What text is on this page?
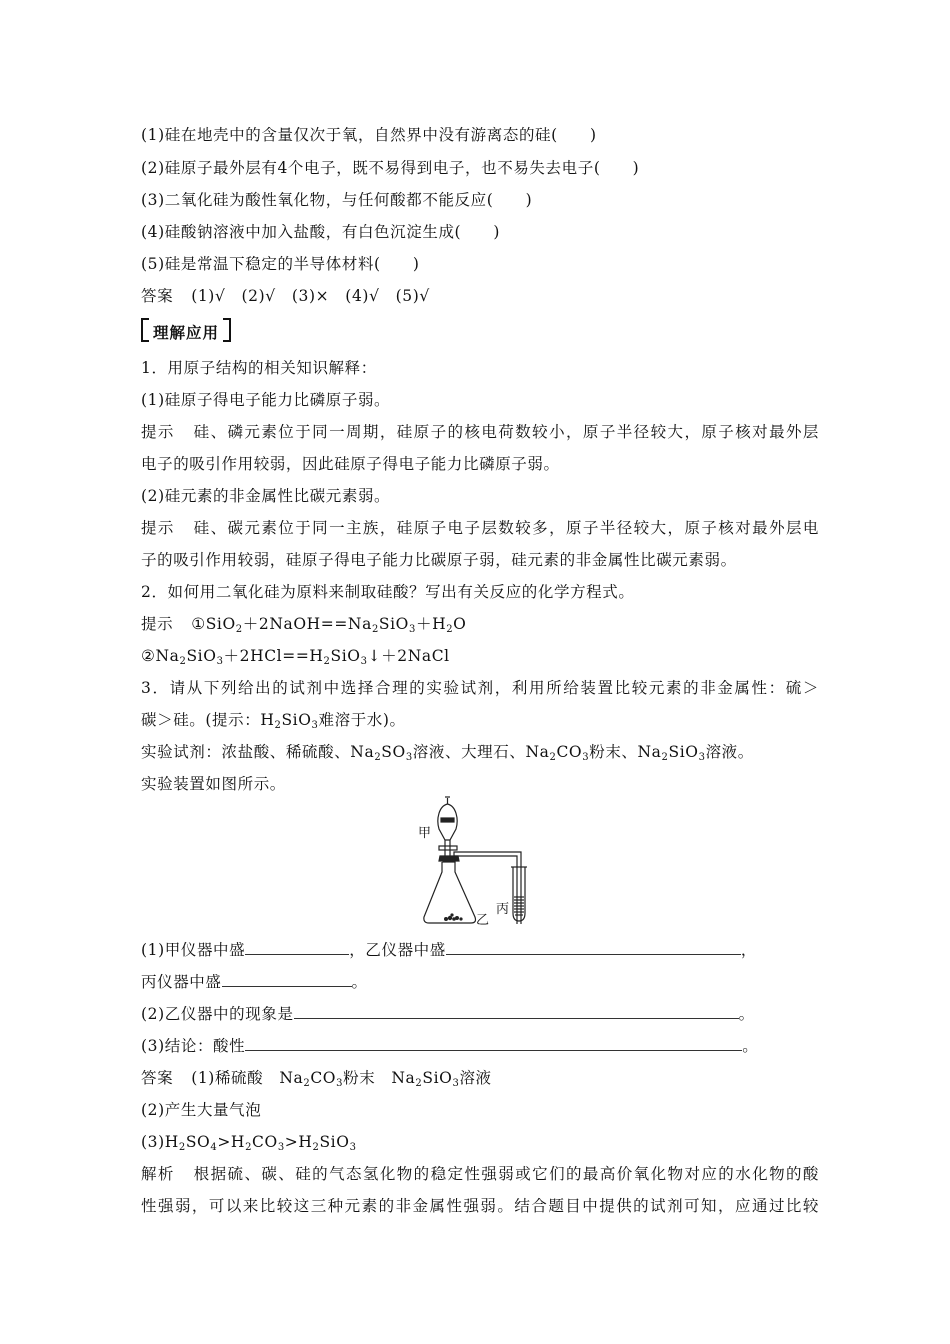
(1)硅在地壳中的含量仅次于氧，自然界中没有游离态的硅(　　)
(2)硅原子最外层有4个电子，既不易得到电子，也不易失去电子(　　)
(3)二氧化硅为酸性氧化物，与任何酸都不能反应(　　)
(4)硅酸钠溶液中加入盐酸，有白色沉淀生成(　　)
(5)硅是常温下稳定的半导体材料(　　)
答案 (1)√　(2)√　(3)×　(4)√　(5)√
理解应用
1．用原子结构的相关知识解释：
(1)硅原子得电子能力比磷原子弱。
提示 硅、磷元素位于同一周期，硅原子的核电荷数较小，原子半径较大，原子核对最外层
电子的吸引作用较弱，因此硅原子得电子能力比磷原子弱。
(2)硅元素的非金属性比碳元素弱。
提示 硅、碳元素位于同一主族，硅原子电子层数较多，原子半径较大，原子核对最外层电
子的吸引作用较弱，硅原子得电子能力比碳原子弱，硅元素的非金属性比碳元素弱。
2．如何用二氧化硅为原料来制取硅酸？写出有关反应的化学方程式。
提示 $①SiO_2+2NaOH==Na_2SiO_3+H_2O$
$②Na_2SiO_3+2HCl==H_2SiO_3↓+2NaCl$
3．请从下列给出的试剂中选择合理的实验试剂，利用所给装置比较元素的非金属性：硫＞
碳＞硅。(提示：$H_2SiO_3$难溶于水)。
实验试剂：浓盐酸、稀硫酸、$Na_2SO_3$溶液、大理石、$Na_2CO_3$粉末、$Na_2SiO_3$溶液。
实验装置如图所示。
甲
乙
丙
(1)甲仪器中盛	，乙仪器中盛	，
丙仪器中盛	。
(2)乙仪器中的现象是	。
(3)结论：酸性	。
答案 (1)稀硫酸　$Na_2CO_3$粉末　$Na_2SiO_3$溶液
(2)产生大量气泡
$(3)H_2SO_4>H_2CO_3>H_2SiO_3$
解析 根据硫、碳、硅的气态氢化物的稳定性强弱或它们的最高价氧化物对应的水化物的酸
性强弱，可以来比较这三种元素的非金属性强弱。结合题目中提供的试剂可知，应通过比较
